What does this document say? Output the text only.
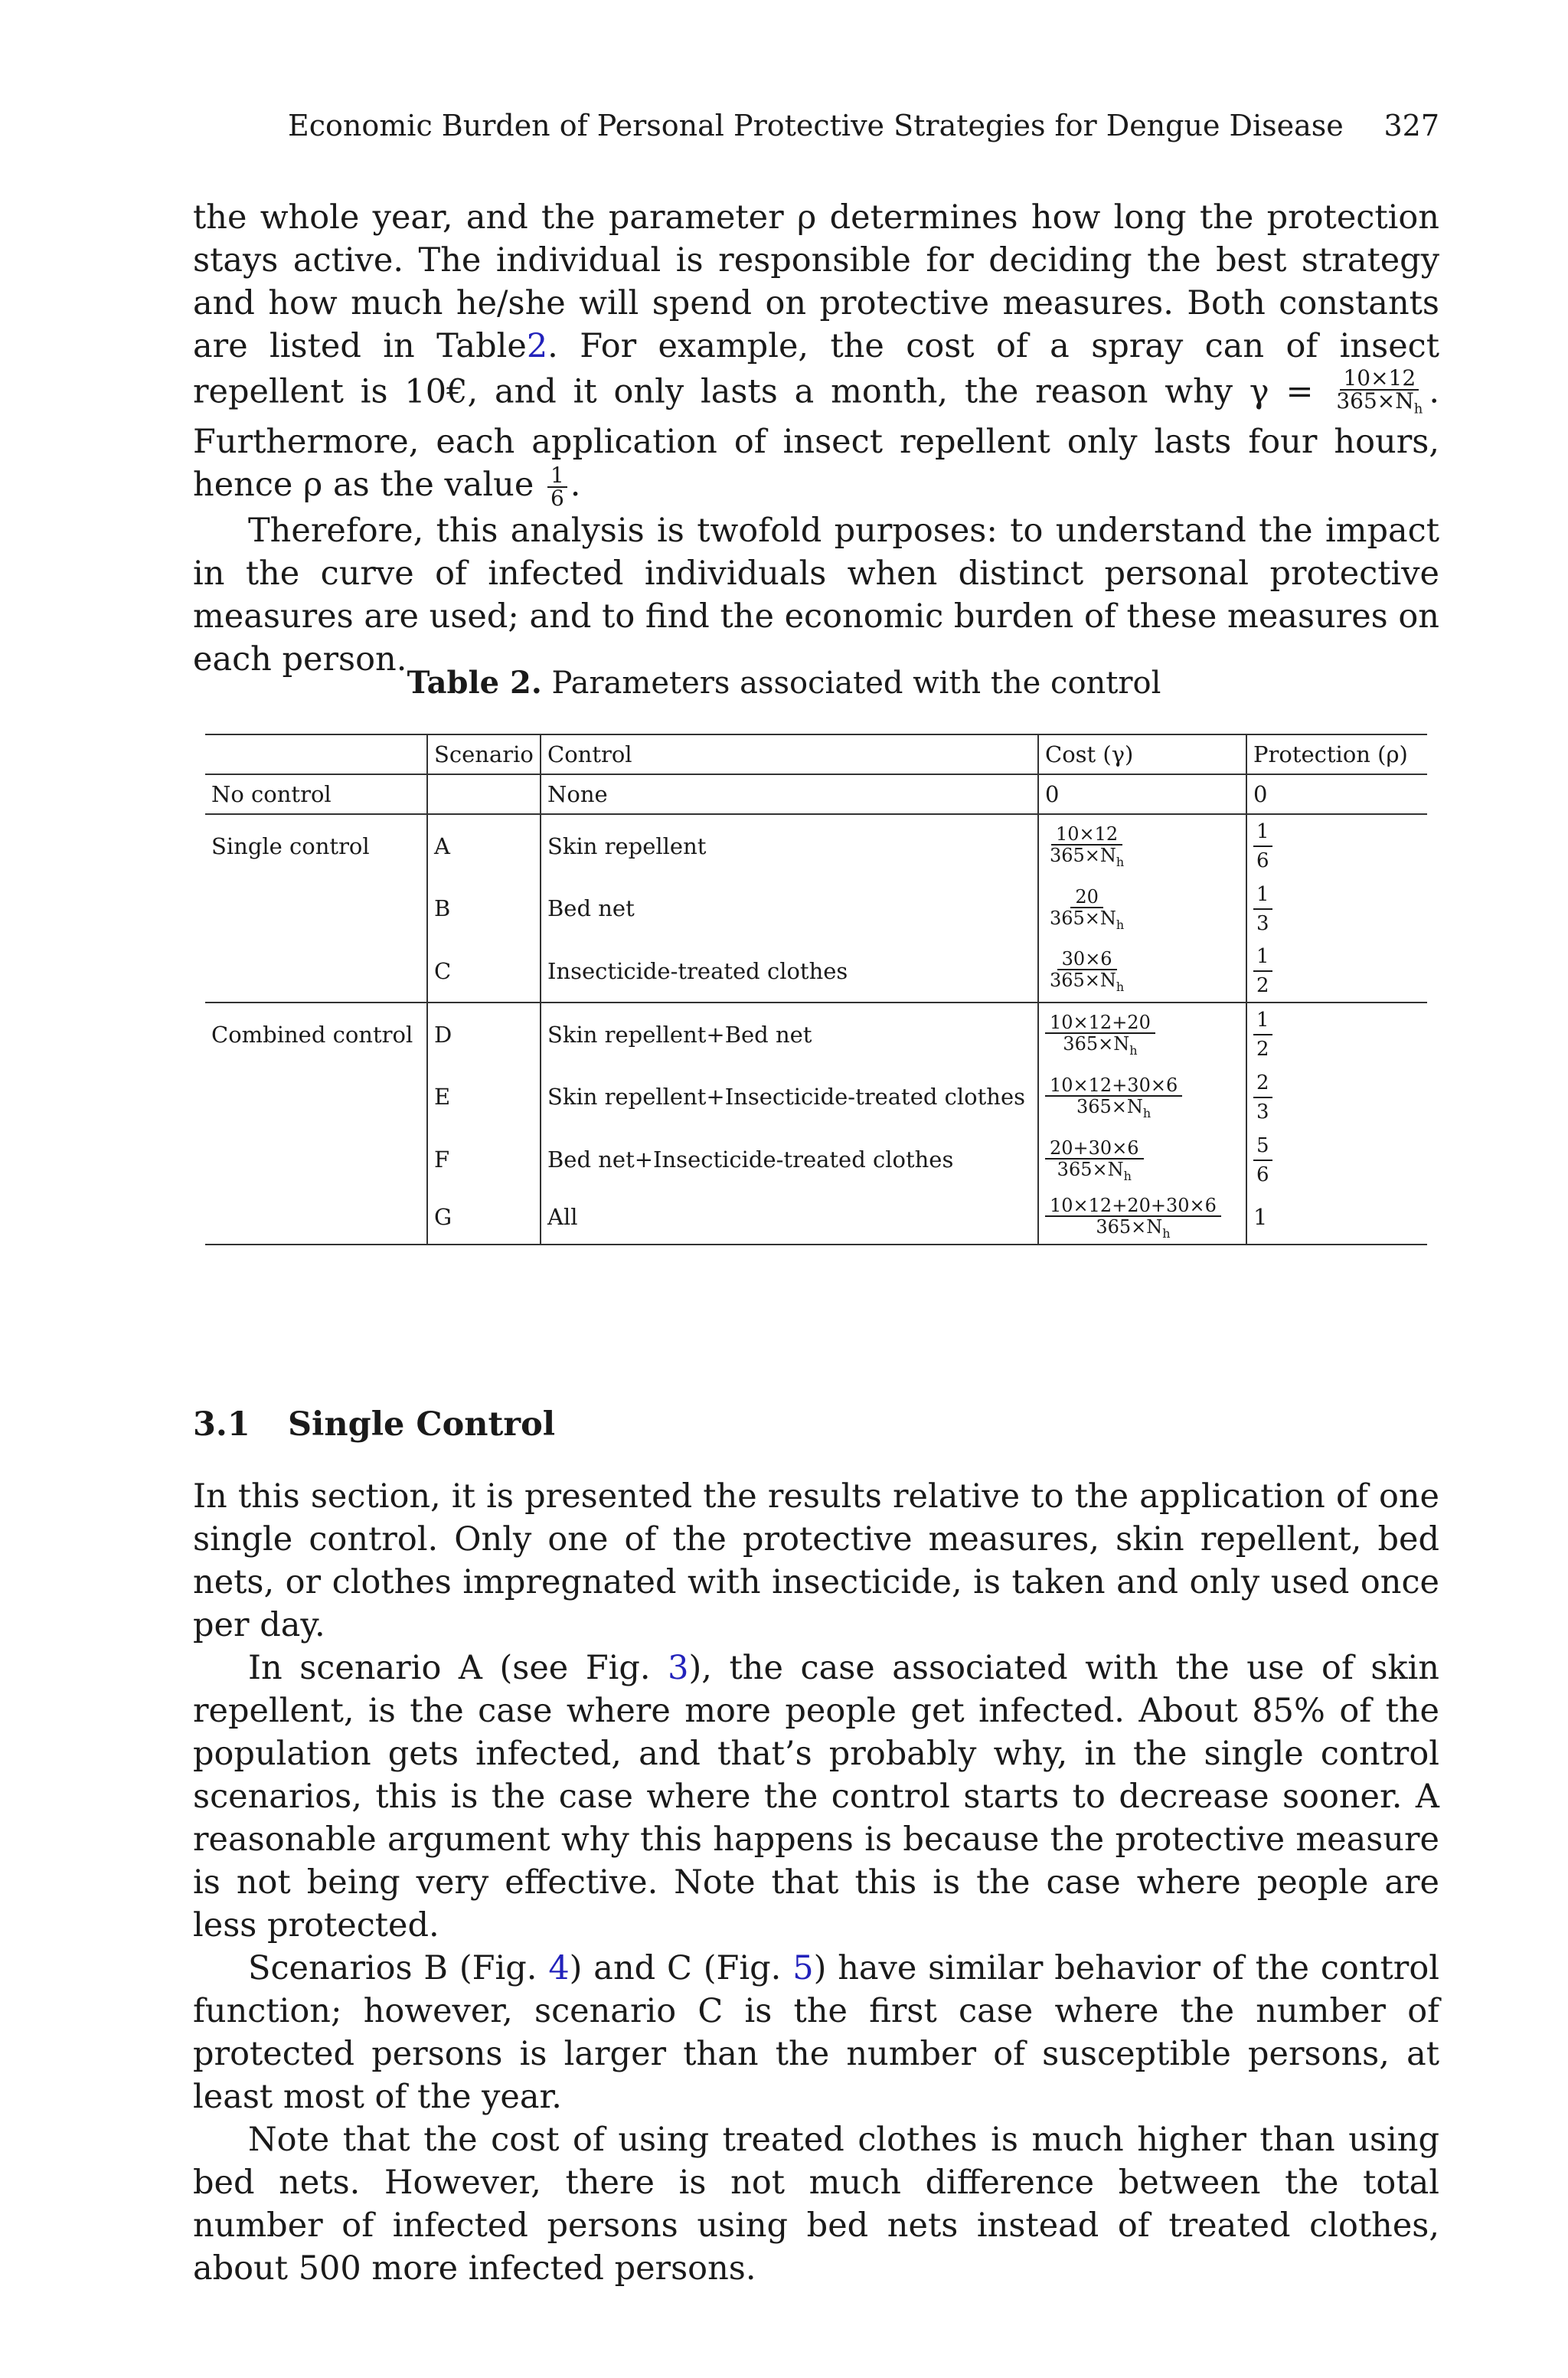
Economic Burden of Personal Protective Strategies for Dengue Disease 327

the whole year, and the parameter ρ determines how long the protection stays active. The individual is responsible for deciding the best strategy and how much he/she will spend on protective measures. Both constants are listed in Table2. For example, the cost of a spray can of insect repellent is 10€, and it only lasts a month, the reason why $\gamma = \frac{10\times 12}{365\times N_h}$ . Furthermore, each application of insect repellent only lasts four hours, hence ρ as the value $\frac{1}{6}$ .

Therefore, this analysis is twofold purposes: to understand the impact in the curve of infected individuals when distinct personal protective measures are used; and to find the economic burden of these measures on each person.

Table 2. Parameters associated with the control
	Scenario	Control	Cost (γ)	Protection (ρ)
No control		None	0	0
Single control	A	Skin repellent	$\frac{10\times 12}{365\times N_h}$	$\frac{1}{6}$

	B	Bed net	$\frac{20}{365\times N_h}$	$\frac{1}{3}$

	C	Insecticide-treated clothes	$\frac{30\times 6}{365\times N_h}$	$\frac{1}{2}$

Combined control	D	Skin repellent+Bed net	$\frac{10\times 12+20}{365\times N_h}$	$\frac{1}{2}$

	E	Skin repellent+Insecticide-treated clothes	$\frac{10\times 12+30\times 6}{365\times N_h}$	$\frac{2}{3}$

	F	Bed net+Insecticide-treated clothes	$\frac{20+30\times 6}{365\times N_h}$	$\frac{5}{6}$

	G	All	$\frac{10\times 12+20+30\times 6}{365\times N_h}$	1
3.1 Single Control

In this section, it is presented the results relative to the application of one single control. Only one of the protective measures, skin repellent, bed nets, or clothes impregnated with insecticide, is taken and only used once per day.

In scenario A (see Fig. 3), the case associated with the use of skin repellent, is the case where more people get infected. About 85% of the population gets infected, and that’s probably why, in the single control scenarios, this is the case where the control starts to decrease sooner. A reasonable argument why this happens is because the protective measure is not being very effective. Note that this is the case where people are less protected.

Scenarios B (Fig. 4) and C (Fig. 5) have similar behavior of the control function; however, scenario C is the first case where the number of protected persons is larger than the number of susceptible persons, at least most of the year.

Note that the cost of using treated clothes is much higher than using bed nets. However, there is not much difference between the total number of infected persons using bed nets instead of treated clothes, about 500 more infected persons.
